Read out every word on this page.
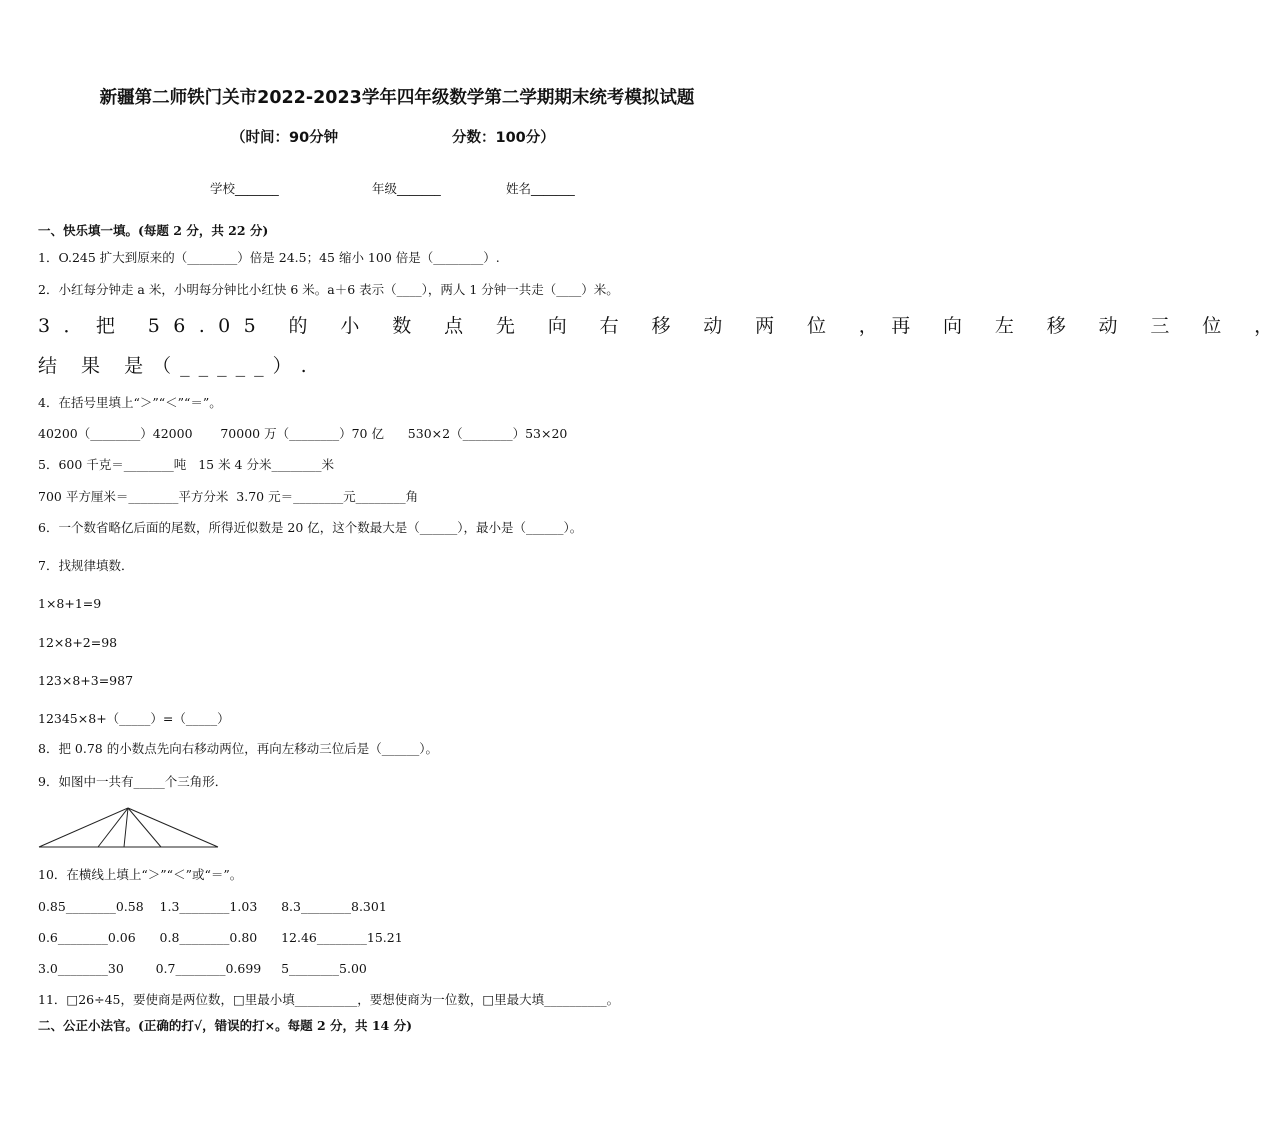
新疆第二师铁门关市2022-2023学年四年级数学第二学期期末统考模拟试题
（时间：90分钟	分数：100分）
学校_______	年级_______	姓名_______
一、快乐填一填。(每题 2 分，共 22 分)
1．O.245 扩大到原来的（________）倍是 24.5；45 缩小 100 倍是（________）.
2．小红每分钟走 a 米，小明每分钟比小红快 6 米。a＋6 表示（____），两人 1 分钟一共走（____）米。
3．把 56.05 的 小 数 点 先 向 右 移 动 两 位 ，再 向 左 移 动 三 位 ，
结 果 是（_____）.
4．在括号里填上“＞”“＜”“＝”。
40200（________）42000       70000 万（________）70 亿      530×2（________）53×20
5．600 千克＝________吨   15 米 4 分米________米
700 平方厘米＝________平方分米  3.70 元＝________元________角
6．一个数省略亿后面的尾数，所得近似数是 20 亿，这个数最大是（______），最小是（______）。
7．找规律填数．
1×8+1=9
12×8+2=98
123×8+3=987
12345×8+（_____）=（_____）
8．把 0.78 的小数点先向右移动两位，再向左移动三位后是（______）。
9．如图中一共有_____个三角形．
10．在横线上填上“＞”“＜”或“＝”。
0.85________0.58    1.3________1.03      8.3________8.301
0.6________0.06      0.8________0.80      12.46________15.21
3.0________30        0.7________0.699     5________5.00
11．□26÷45，要使商是两位数，□里最小填__________，要想使商为一位数，□里最大填__________。
二、公正小法官。(正确的打√，错误的打×。每题 2 分，共 14 分)
